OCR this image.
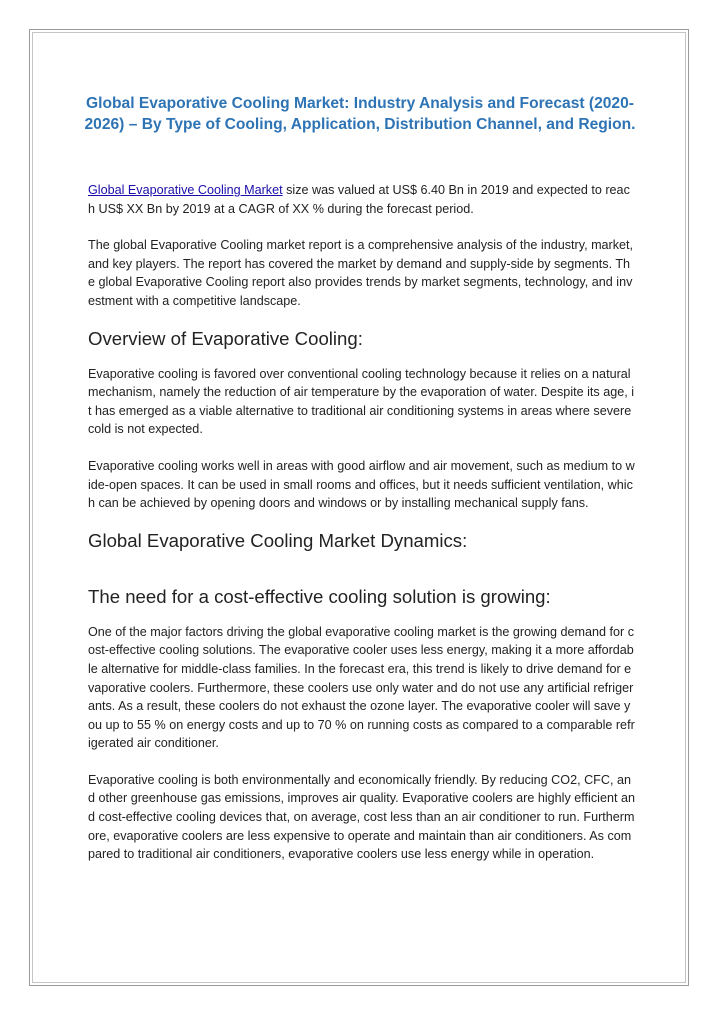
Global Evaporative Cooling Market: Industry Analysis and Forecast (2020-2026) – By Type of Cooling, Application, Distribution Channel, and Region.

Global Evaporative Cooling Market size was valued at US$ 6.40 Bn in 2019 and expected to reach US$ XX Bn by 2019 at a CAGR of XX % during the forecast period.

The global Evaporative Cooling market report is a comprehensive analysis of the industry, market, and key players. The report has covered the market by demand and supply-side by segments. The global Evaporative Cooling report also provides trends by market segments, technology, and investment with a competitive landscape.

Overview of Evaporative Cooling:

Evaporative cooling is favored over conventional cooling technology because it relies on a natural mechanism, namely the reduction of air temperature by the evaporation of water. Despite its age, it has emerged as a viable alternative to traditional air conditioning systems in areas where severe cold is not expected.

Evaporative cooling works well in areas with good airflow and air movement, such as medium to wide-open spaces. It can be used in small rooms and offices, but it needs sufficient ventilation, which can be achieved by opening doors and windows or by installing mechanical supply fans.

Global Evaporative Cooling Market Dynamics:
The need for a cost-effective cooling solution is growing:

One of the major factors driving the global evaporative cooling market is the growing demand for cost-effective cooling solutions. The evaporative cooler uses less energy, making it a more affordable alternative for middle-class families. In the forecast era, this trend is likely to drive demand for evaporative coolers. Furthermore, these coolers use only water and do not use any artificial refrigerants. As a result, these coolers do not exhaust the ozone layer. The evaporative cooler will save you up to 55 % on energy costs and up to 70 % on running costs as compared to a comparable refrigerated air conditioner.

Evaporative cooling is both environmentally and economically friendly. By reducing CO2, CFC, and other greenhouse gas emissions, improves air quality. Evaporative coolers are highly efficient and cost-effective cooling devices that, on average, cost less than an air conditioner to run. Furthermore, evaporative coolers are less expensive to operate and maintain than air conditioners. As compared to traditional air conditioners, evaporative coolers use less energy while in operation.
